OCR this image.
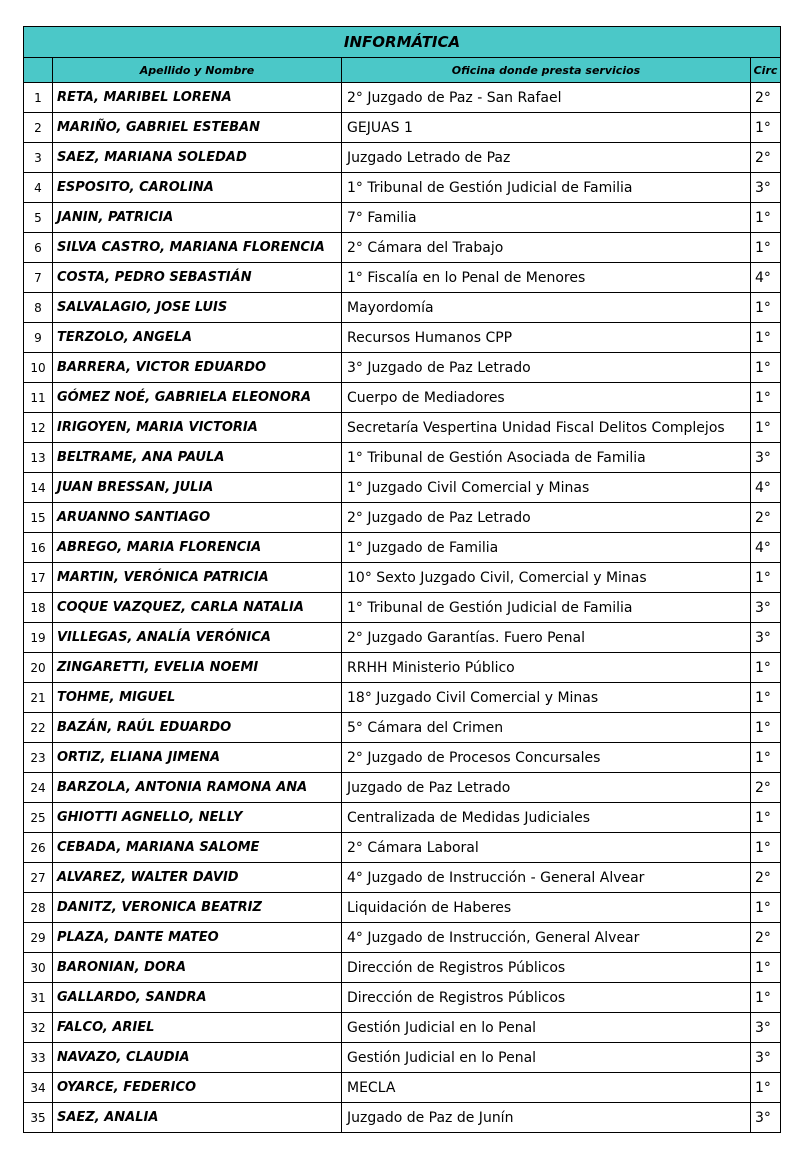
INFORMÁTICA			
	Apellido y Nombre	Oficina donde presta servicios	Circ
1	RETA, MARIBEL LORENA	2° Juzgado de Paz - San Rafael	2°
2	MARIÑO, GABRIEL ESTEBAN	GEJUAS 1	1°
3	SAEZ, MARIANA SOLEDAD	Juzgado Letrado de Paz	2°
4	ESPOSITO, CAROLINA	1° Tribunal de Gestión Judicial de Familia	3°
5	JANIN, PATRICIA	7° Familia	1°
6	SILVA CASTRO, MARIANA FLORENCIA	2° Cámara del Trabajo	1°
7	COSTA, PEDRO SEBASTIÁN	1° Fiscalía en lo Penal de Menores	4°
8	SALVALAGIO, JOSE LUIS	Mayordomía	1°
9	TERZOLO, ANGELA	Recursos Humanos CPP	1°
10	BARRERA, VICTOR EDUARDO	3° Juzgado de Paz Letrado	1°
11	GÓMEZ NOÉ, GABRIELA ELEONORA	Cuerpo de Mediadores	1°
12	IRIGOYEN, MARIA VICTORIA	Secretaría Vespertina Unidad Fiscal Delitos Complejos	1°
13	BELTRAME, ANA PAULA	1° Tribunal de Gestión Asociada de Familia	3°
14	JUAN BRESSAN, JULIA	1° Juzgado Civil Comercial y Minas	4°
15	ARUANNO SANTIAGO	2° Juzgado de Paz Letrado	2°
16	ABREGO, MARIA FLORENCIA	1° Juzgado de Familia	4°
17	MARTIN, VERÓNICA PATRICIA	10° Sexto Juzgado Civil, Comercial y Minas	1°
18	COQUE VAZQUEZ, CARLA NATALIA	1° Tribunal de Gestión Judicial de Familia	3°
19	VILLEGAS, ANALÍA VERÓNICA	2° Juzgado Garantías. Fuero Penal	3°
20	ZINGARETTI, EVELIA NOEMI	RRHH Ministerio Público	1°
21	TOHME, MIGUEL	18° Juzgado Civil Comercial y Minas	1°
22	BAZÁN, RAÚL EDUARDO	5° Cámara del Crimen	1°
23	ORTIZ, ELIANA JIMENA	2° Juzgado de Procesos Concursales	1°
24	BARZOLA, ANTONIA RAMONA ANA	Juzgado de Paz Letrado	2°
25	GHIOTTI AGNELLO, NELLY	Centralizada de Medidas Judiciales	1°
26	CEBADA, MARIANA SALOME	2° Cámara Laboral	1°
27	ALVAREZ, WALTER DAVID	4° Juzgado de Instrucción - General Alvear	2°
28	DANITZ, VERONICA BEATRIZ	Liquidación de Haberes	1°
29	PLAZA, DANTE MATEO	4° Juzgado de Instrucción, General Alvear	2°
30	BARONIAN, DORA	Dirección de Registros Públicos	1°
31	GALLARDO, SANDRA	Dirección de Registros Públicos	1°
32	FALCO, ARIEL	Gestión Judicial en lo Penal	3°
33	NAVAZO, CLAUDIA	Gestión Judicial en lo Penal	3°
34	OYARCE, FEDERICO	MECLA	1°
35	SAEZ, ANALIA	Juzgado de Paz de Junín	3°
